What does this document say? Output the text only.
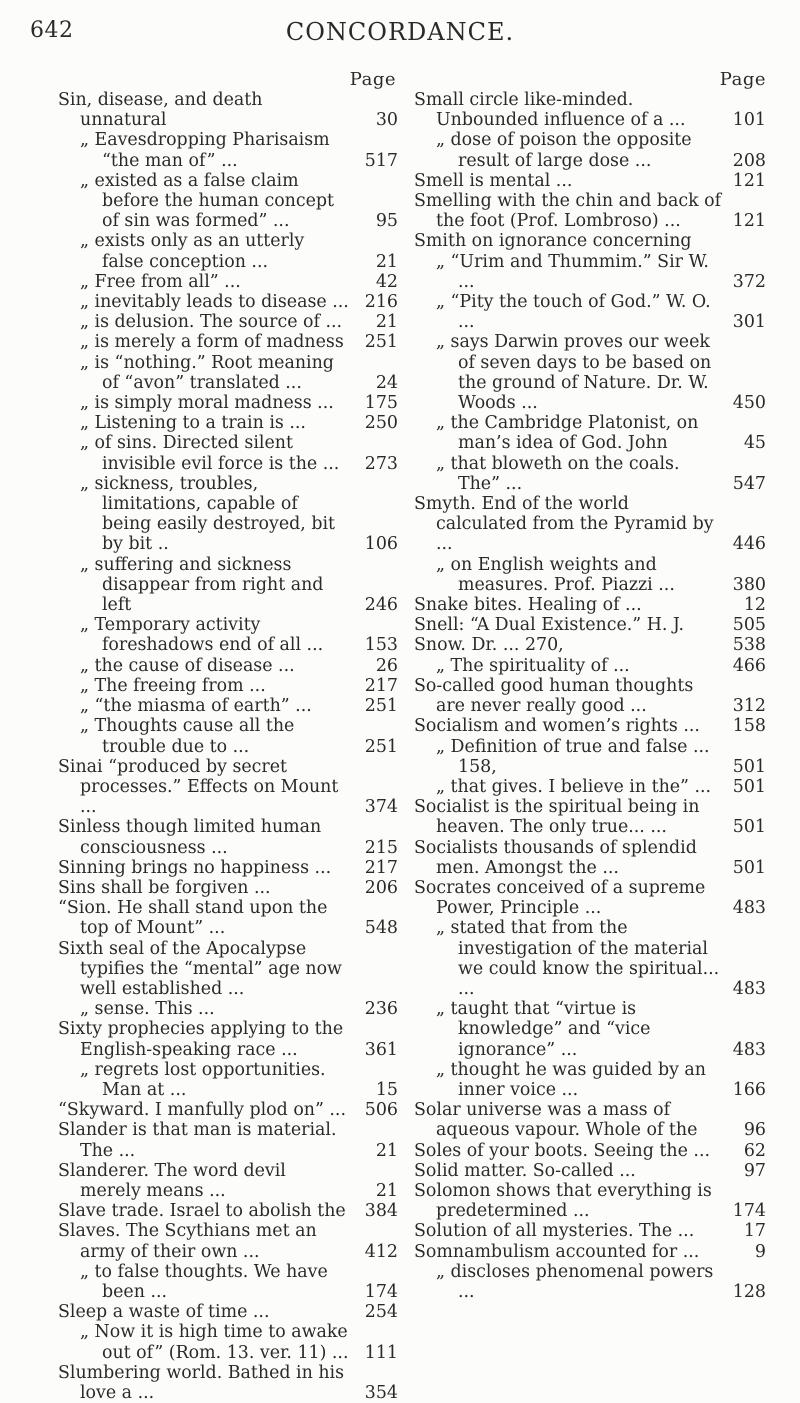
642	CONCORDANCE.
Page
Sin, disease, and death unnatural	30
„ Eavesdropping Pharisaism “the man of” ...	517
„ existed as a false claim before the human concept of sin was formed” ...	95
„ exists only as an utterly false conception ...	21
„ Free from all” ...	42
„ inevitably leads to disease ... 216
„ is delusion. The source of ...	21
„ is merely a form of madness	251
„ is “nothing.” Root meaning of “avon” translated ...	24
„ is simply moral madness ...	175
„ Listening to a train is ...	250
„ of sins. Directed silent invisible evil force is the ...	273
„ sickness, troubles, limitations, capable of being easily destroyed, bit by bit ..	106
„ suffering and sickness disappear from right and left	246
„ Temporary activity foreshadows end of all ...	153
„ the cause of disease ...	26
„ The freeing from ...	217
„ “the miasma of earth” ...	251
„ Thoughts cause all the trouble due to ...	251
Sinai “produced by secret processes.” Effects on Mount ...	374
Sinless though limited human consciousness ...	215
Sinning brings no happiness ...	217
Sins shall be forgiven ...	206
“Sion. He shall stand upon the top of Mount” ...	548
Sixth seal of the Apocalypse typifies the “mental” age now well established ...
„ sense. This ...	236
Sixty prophecies applying to the English-speaking race ...	361
„ regrets lost opportunities. Man at ...	15
“Skyward. I manfully plod on” ...	506
Slander is that man is material. The ...	21
Slanderer. The word devil merely means ...	21
Slave trade. Israel to abolish the	384
Slaves. The Scythians met an army of their own ...	412
„ to false thoughts. We have been ...	174
Sleep a waste of time ...	254
„ Now it is high time to awake out of” (Rom. 13. ver. 11) ... 111
Slumbering world. Bathed in his love a ...	354
Page
Small circle like-minded. Unbounded influence of a ...	101
„ dose of poison the opposite result of large dose ...	208
Smell is mental ...	121
Smelling with the chin and back of the foot (Prof. Lombroso) ...	121
Smith on ignorance concerning
„ “Urim and Thummim.” Sir W. ...	372
„ “Pity the touch of God.” W. O. ...	301
„ says Darwin proves our week of seven days to be based on the ground of Nature. Dr. W. Woods ...	450
„ the Cambridge Platonist, on man’s idea of God. John	45
„ that bloweth on the coals. The” ...	547
Smyth. End of the world calculated from the Pyramid by ...	446
„ on English weights and measures. Prof. Piazzi ...	380
Snake bites. Healing of ...	12
Snell: “A Dual Existence.” H. J.	505
Snow. Dr. ... 270,	538
„ The spirituality of ...	466
So-called good human thoughts are never really good ...	312
Socialism and women’s rights ...	158
„ Definition of true and false ... 158,	501
„ that gives. I believe in the” ...	501
Socialist is the spiritual being in heaven. The only true... ...	501
Socialists thousands of splendid men. Amongst the ...	501
Socrates conceived of a supreme Power, Principle ...	483
„ stated that from the investigation of the material we could know the spiritual... ...	483
„ taught that “virtue is knowledge” and “vice ignorance” ...	483
„ thought he was guided by an inner voice ...	166
Solar universe was a mass of aqueous vapour. Whole of the	96
Soles of your boots. Seeing the ...	62
Solid matter. So-called ...	97
Solomon shows that everything is predetermined ...	174
Solution of all mysteries. The ...	17
Somnambulism accounted for ...	9
„ discloses phenomenal powers ...	128
